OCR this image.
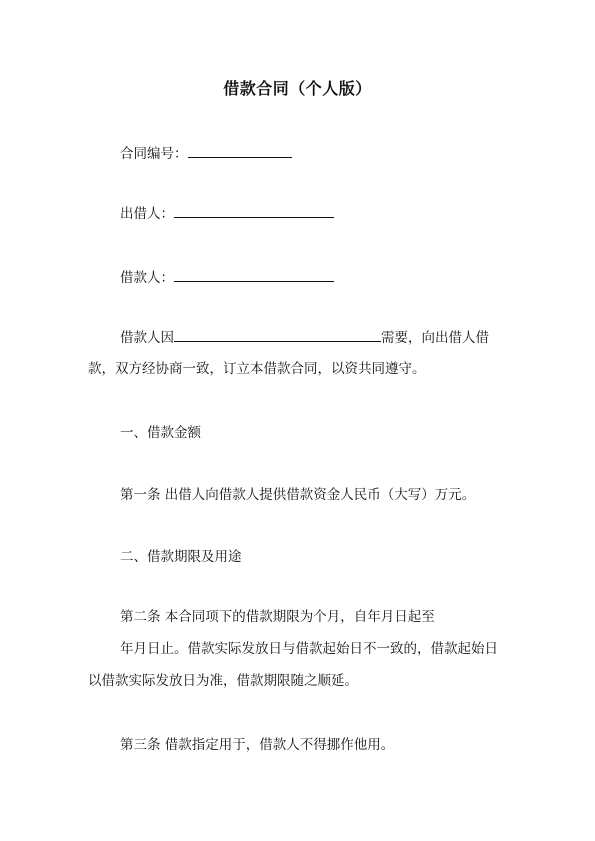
借款合同（个人版）
合同编号：
出借人：
借款人：
借款人因	需要，向出借人借
款，双方经协商一致，订立本借款合同，以资共同遵守。
一、借款金额
第一条 出借人向借款人提供借款资金人民币（大写）万元。
二、借款期限及用途
第二条 本合同项下的借款期限为个月，自年月日起至
年月日止。借款实际发放日与借款起始日不一致的，借款起始日
以借款实际发放日为准，借款期限随之顺延。
第三条 借款指定用于，借款人不得挪作他用。
